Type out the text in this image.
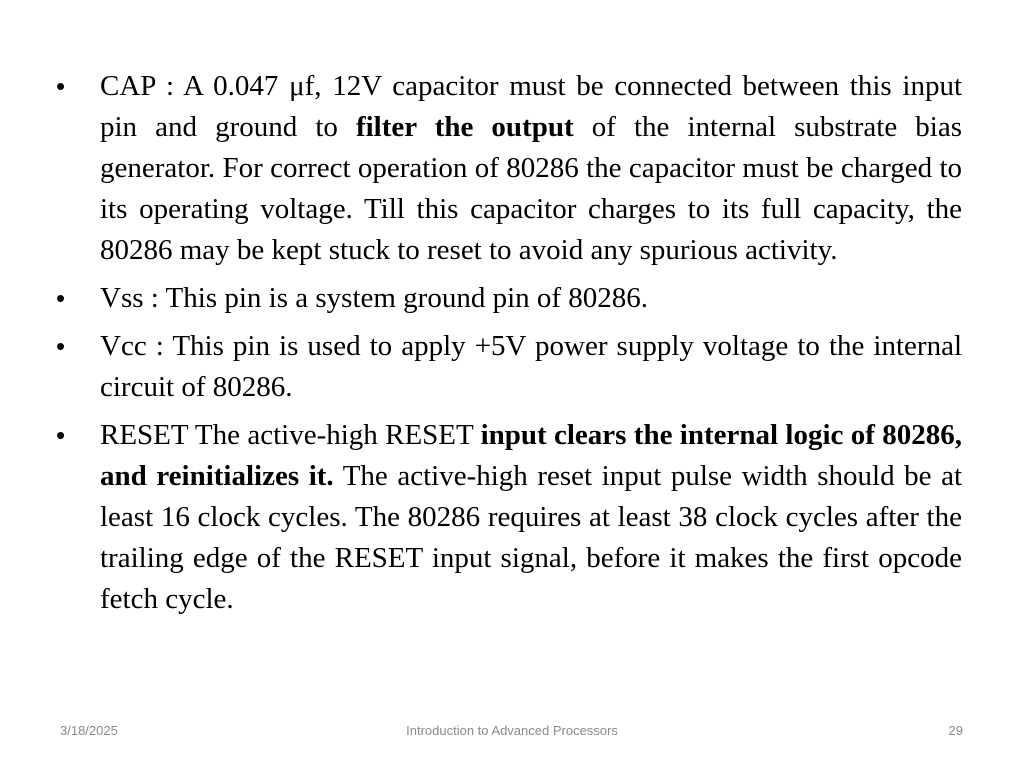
•	CAP : A 0.047 μf, 12V capacitor must be connected between this input pin and ground to filter the output of the internal substrate bias generator. For correct operation of 80286 the capacitor must be charged to its operating voltage. Till this capacitor charges to its full capacity, the 80286 may be kept stuck to reset to avoid any spurious activity.
•	Vss : This pin is a system ground pin of 80286.
•	Vcc : This pin is used to apply +5V power supply voltage to the internal circuit of 80286.
•	RESET The active-high RESET input clears the internal logic of 80286, and reinitializes it. The active-high reset input pulse width should be at least 16 clock cycles. The 80286 requires at least 38 clock cycles after the trailing edge of the RESET input signal, before it makes the first opcode fetch cycle.
3/18/2025	Introduction to Advanced Processors	29
